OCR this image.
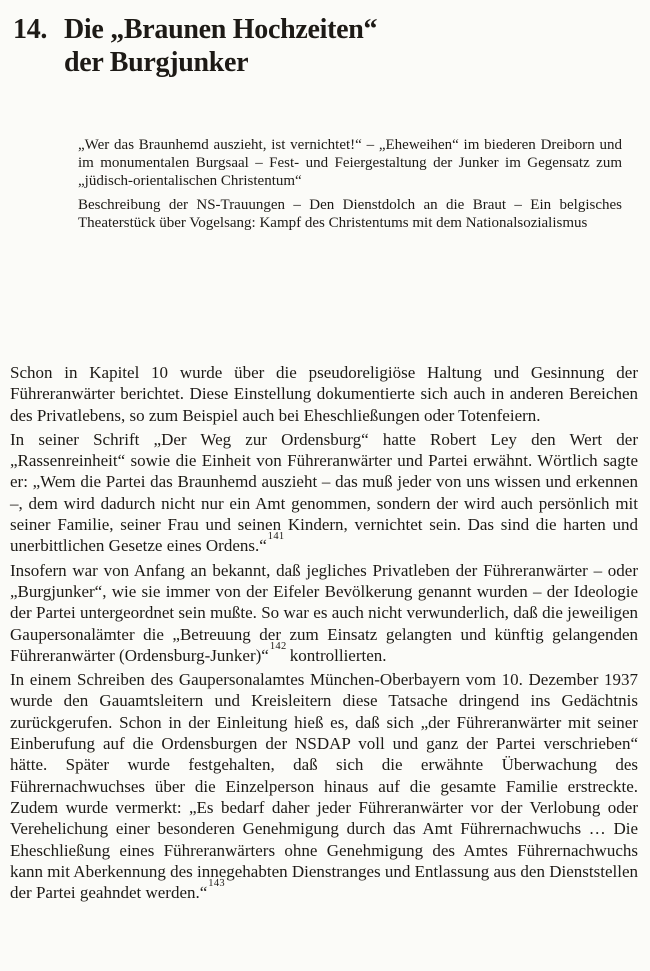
14. Die „Braunen Hochzeiten“
der Burgjunker

„Wer das Braunhemd auszieht, ist vernichtet!“ – „Eheweihen“ im biederen Dreiborn und im monumentalen Burgsaal – Fest- und Feiergestaltung der Junker im Gegensatz zum „jüdisch-orientalischen Christentum“

Beschreibung der NS-Trauungen – Den Dienstdolch an die Braut – Ein belgisches Theaterstück über Vogelsang: Kampf des Christentums mit dem Nationalsozialismus

Schon in Kapitel 10 wurde über die pseudoreligiöse Haltung und Gesinnung der Führeranwärter berichtet. Diese Einstellung dokumentierte sich auch in anderen Bereichen des Privatlebens, so zum Beispiel auch bei Eheschließungen oder Totenfeiern.

In seiner Schrift „Der Weg zur Ordensburg“ hatte Robert Ley den Wert der „Rassenreinheit“ sowie die Einheit von Führeranwärter und Partei erwähnt. Wörtlich sagte er: „Wem die Partei das Braunhemd auszieht – das muß jeder von uns wissen und erkennen –, dem wird dadurch nicht nur ein Amt genommen, sondern der wird auch persönlich mit seiner Familie, seiner Frau und seinen Kindern, vernichtet sein. Das sind die harten und unerbittlichen Gesetze eines Ordens.“$^{141}$

Insofern war von Anfang an bekannt, daß jegliches Privatleben der Führeranwärter – oder „Burgjunker“, wie sie immer von der Eifeler Bevölkerung genannt wurden – der Ideologie der Partei untergeordnet sein mußte. So war es auch nicht verwunderlich, daß die jeweiligen Gaupersonalämter die „Betreuung der zum Einsatz gelangten und künftig gelangenden Führeranwärter (Ordensburg-Junker)“$^{142}$ kontrollierten.

In einem Schreiben des Gaupersonalamtes München-Oberbayern vom 10. Dezember 1937 wurde den Gauamtsleitern und Kreisleitern diese Tatsache dringend ins Gedächtnis zurückgerufen. Schon in der Einleitung hieß es, daß sich „der Führeranwärter mit seiner Einberufung auf die Ordensburgen der NSDAP voll und ganz der Partei verschrieben“ hätte. Später wurde festgehalten, daß sich die erwähnte Überwachung des Führernachwuchses über die Einzelperson hinaus auf die gesamte Familie erstreckte. Zudem wurde vermerkt: „Es bedarf daher jeder Führeranwärter vor der Verlobung oder Verehelichung einer besonderen Genehmigung durch das Amt Führernachwuchs … Die Eheschließung eines Führeranwärters ohne Genehmigung des Amtes Führernachwuchs kann mit Aberkennung des innegehabten Dienstranges und Entlassung aus den Dienststellen der Partei geahndet werden.“$^{143}$
